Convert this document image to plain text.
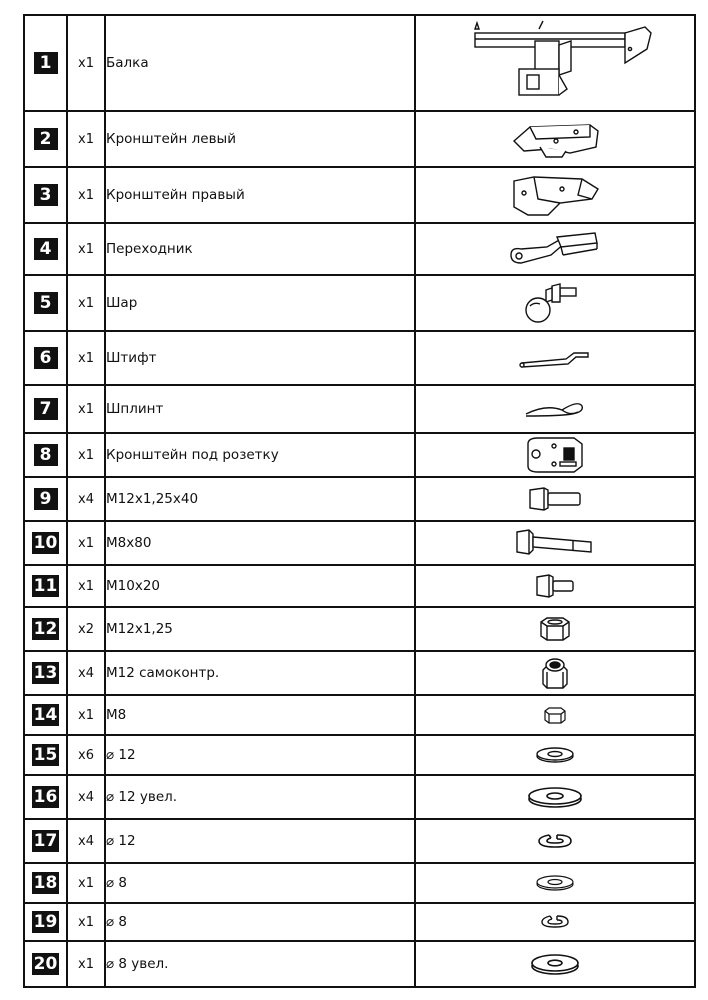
1	x1	Балка	

2	x1	Кронштейн левый	

3	x1	Кронштейн правый	

4	x1	Переходник	

5	x1	Шар	

6	x1	Штифт	

7	x1	Шплинт	

8	x1	Кронштейн под розетку	

9	x4	M12x1,25x40	

10	x1	M8x80	

11	x1	M10x20	

12	x2	M12x1,25	

13	x4	M12 самоконтр.	

14	x1	M8	

15	x6	⌀ 12	

16	x4	⌀ 12 увел.	

17	x4	⌀ 12	

18	x1	⌀ 8	

19	x1	⌀ 8	

20	x1	⌀ 8 увел.	
